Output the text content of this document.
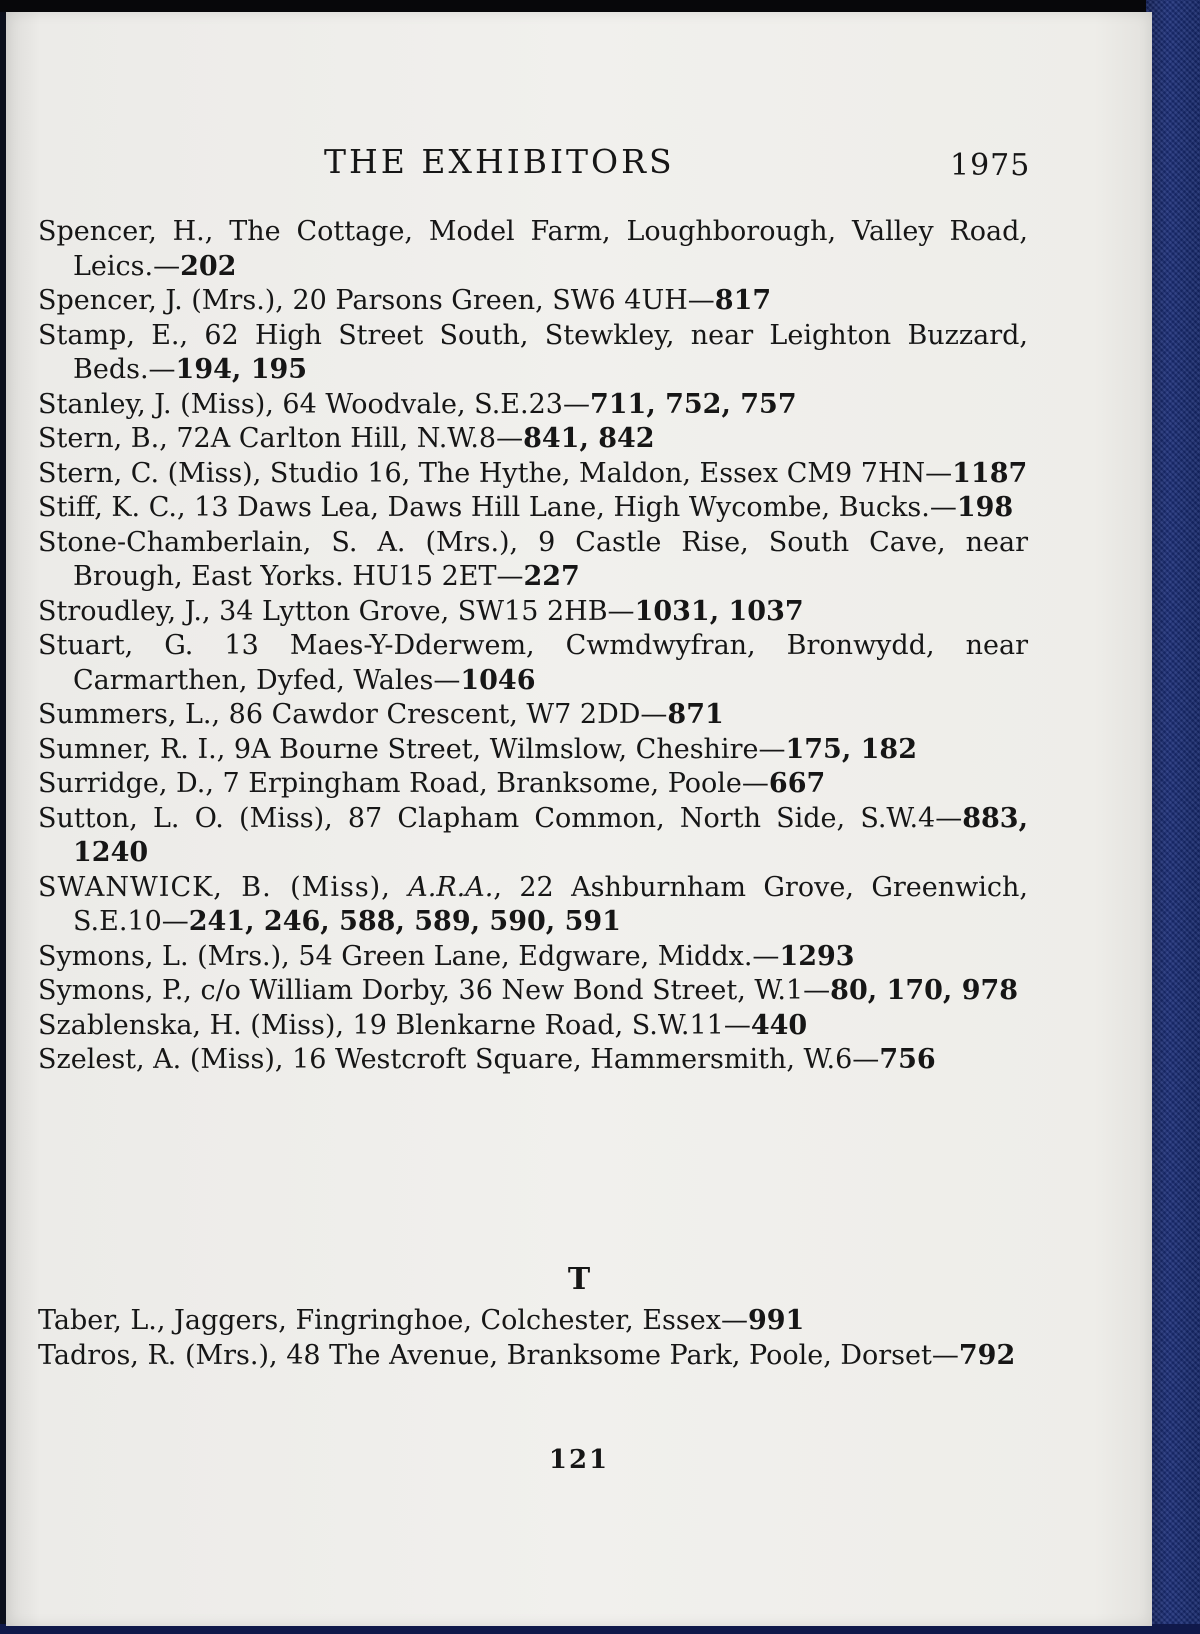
THE EXHIBITORS	1975
Spencer, H., The Cottage, Model Farm, Loughborough, Valley Road, Leics.—202
Spencer, J. (Mrs.), 20 Parsons Green, SW6 4UH—817
Stamp, E., 62 High Street South, Stewkley, near Leighton Buzzard, Beds.—194, 195
Stanley, J. (Miss), 64 Woodvale, S.E.23—711, 752, 757
Stern, B., 72A Carlton Hill, N.W.8—841, 842
Stern, C. (Miss), Studio 16, The Hythe, Maldon, Essex CM9 7HN—1187
Stiff, K. C., 13 Daws Lea, Daws Hill Lane, High Wycombe, Bucks.—198
Stone-Chamberlain, S. A. (Mrs.), 9 Castle Rise, South Cave, near Brough, East Yorks. HU15 2ET—227
Stroudley, J., 34 Lytton Grove, SW15 2HB—1031, 1037
Stuart, G. 13 Maes-Y-Dderwem, Cwmdwyfran, Bronwydd, near Carmarthen, Dyfed, Wales—1046
Summers, L., 86 Cawdor Crescent, W7 2DD—871
Sumner, R. I., 9A Bourne Street, Wilmslow, Cheshire—175, 182
Surridge, D., 7 Erpingham Road, Branksome, Poole—667
Sutton, L. O. (Miss), 87 Clapham Common, North Side, S.W.4—883, 1240
SWANWICK, B. (Miss), A.R.A., 22 Ashburnham Grove, Greenwich, S.E.10—241, 246, 588, 589, 590, 591
Symons, L. (Mrs.), 54 Green Lane, Edgware, Middx.—1293
Symons, P., c/o William Dorby, 36 New Bond Street, W.1—80, 170, 978
Szablenska, H. (Miss), 19 Blenkarne Road, S.W.11—440
Szelest, A. (Miss), 16 Westcroft Square, Hammersmith, W.6—756
T
Taber, L., Jaggers, Fingringhoe, Colchester, Essex—991
Tadros, R. (Mrs.), 48 The Avenue, Branksome Park, Poole, Dorset—792
121
